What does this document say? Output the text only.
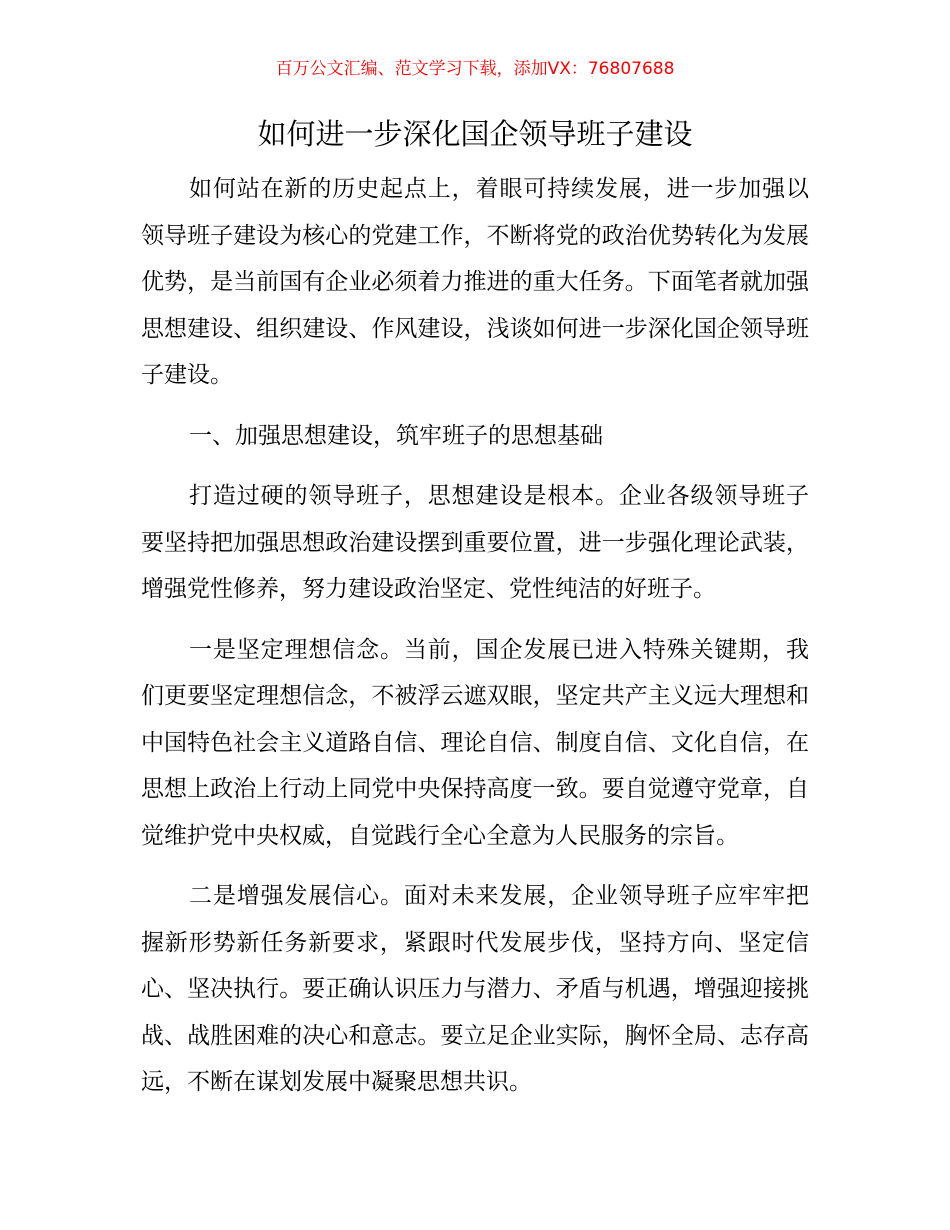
百万公文汇编、范文学习下载，添加VX：76807688
如何进一步深化国企领导班子建设

如何站在新的历史起点上，着眼可持续发展，进一步加强以领导班子建设为核心的党建工作，不断将党的政治优势转化为发展优势，是当前国有企业必须着力推进的重大任务。下面笔者就加强思想建设、组织建设、作风建设，浅谈如何进一步深化国企领导班子建设。

一、加强思想建设，筑牢班子的思想基础

打造过硬的领导班子，思想建设是根本。企业各级领导班子要坚持把加强思想政治建设摆到重要位置，进一步强化理论武装，增强党性修养，努力建设政治坚定、党性纯洁的好班子。

一是坚定理想信念。当前，国企发展已进入特殊关键期，我们更要坚定理想信念，不被浮云遮双眼，坚定共产主义远大理想和中国特色社会主义道路自信、理论自信、制度自信、文化自信，在思想上政治上行动上同党中央保持高度一致。要自觉遵守党章，自觉维护党中央权威，自觉践行全心全意为人民服务的宗旨。

二是增强发展信心。面对未来发展，企业领导班子应牢牢把握新形势新任务新要求，紧跟时代发展步伐，坚持方向、坚定信心、坚决执行。要正确认识压力与潜力、矛盾与机遇，增强迎接挑战、战胜困难的决心和意志。要立足企业实际，胸怀全局、志存高远，不断在谋划发展中凝聚思想共识。
